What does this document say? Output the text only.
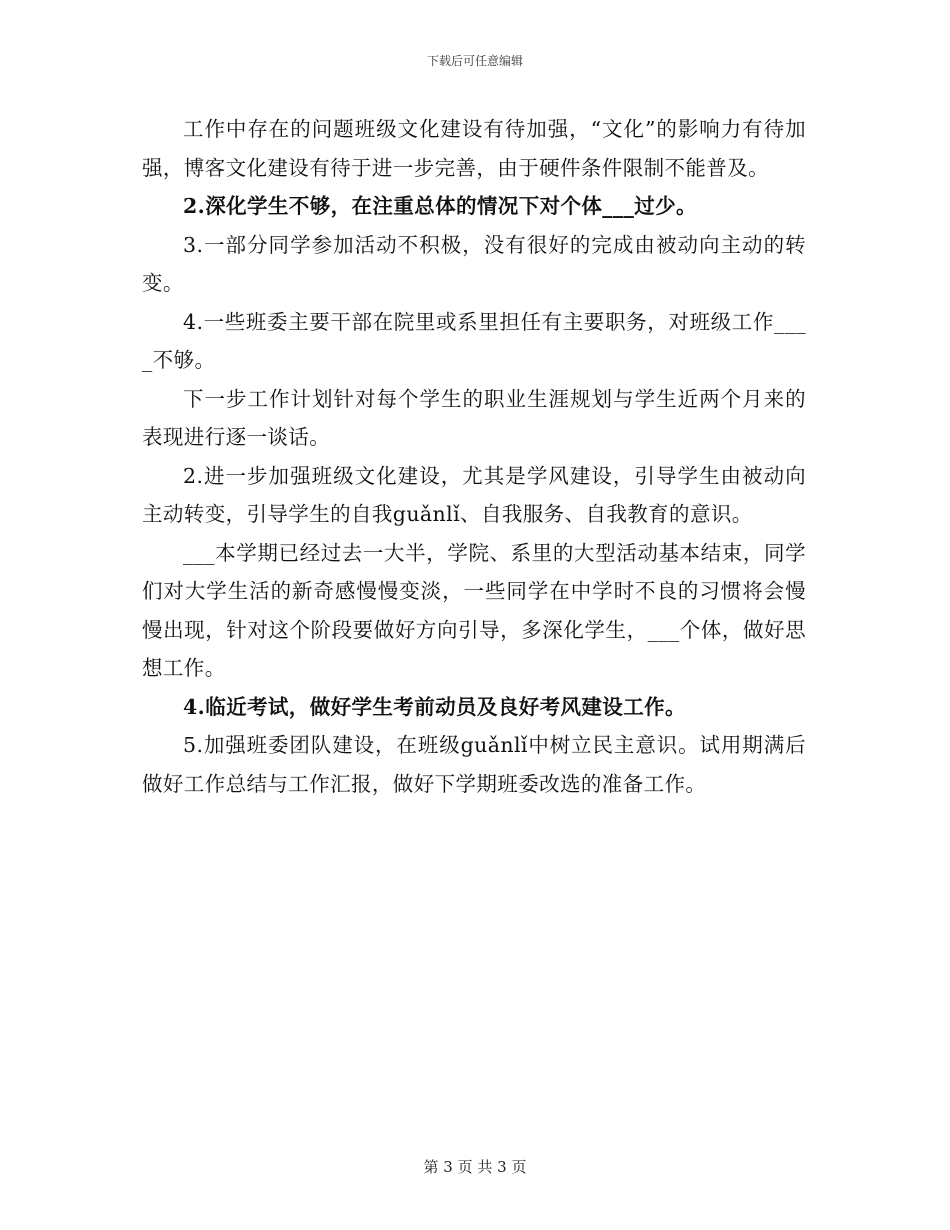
下载后可任意编辑

工作中存在的问题班级文化建设有待加强，“文化”的影响力有待加强，博客文化建设有待于进一步完善，由于硬件条件限制不能普及。

2.深化学生不够，在注重总体的情况下对个体___过少。

3.一部分同学参加活动不积极，没有很好的完成由被动向主动的转变。

4.一些班委主要干部在院里或系里担任有主要职务，对班级工作____不够。

下一步工作计划针对每个学生的职业生涯规划与学生近两个月来的表现进行逐一谈话。

2.进一步加强班级文化建设，尤其是学风建设，引导学生由被动向主动转变，引导学生的自我guǎnlǐ、自我服务、自我教育的意识。

___本学期已经过去一大半，学院、系里的大型活动基本结束，同学们对大学生活的新奇感慢慢变淡，一些同学在中学时不良的习惯将会慢慢出现，针对这个阶段要做好方向引导，多深化学生，___个体，做好思想工作。

4.临近考试，做好学生考前动员及良好考风建设工作。

5.加强班委团队建设，在班级guǎnlǐ中树立民主意识。试用期满后做好工作总结与工作汇报，做好下学期班委改选的准备工作。

第 3 页 共 3 页
